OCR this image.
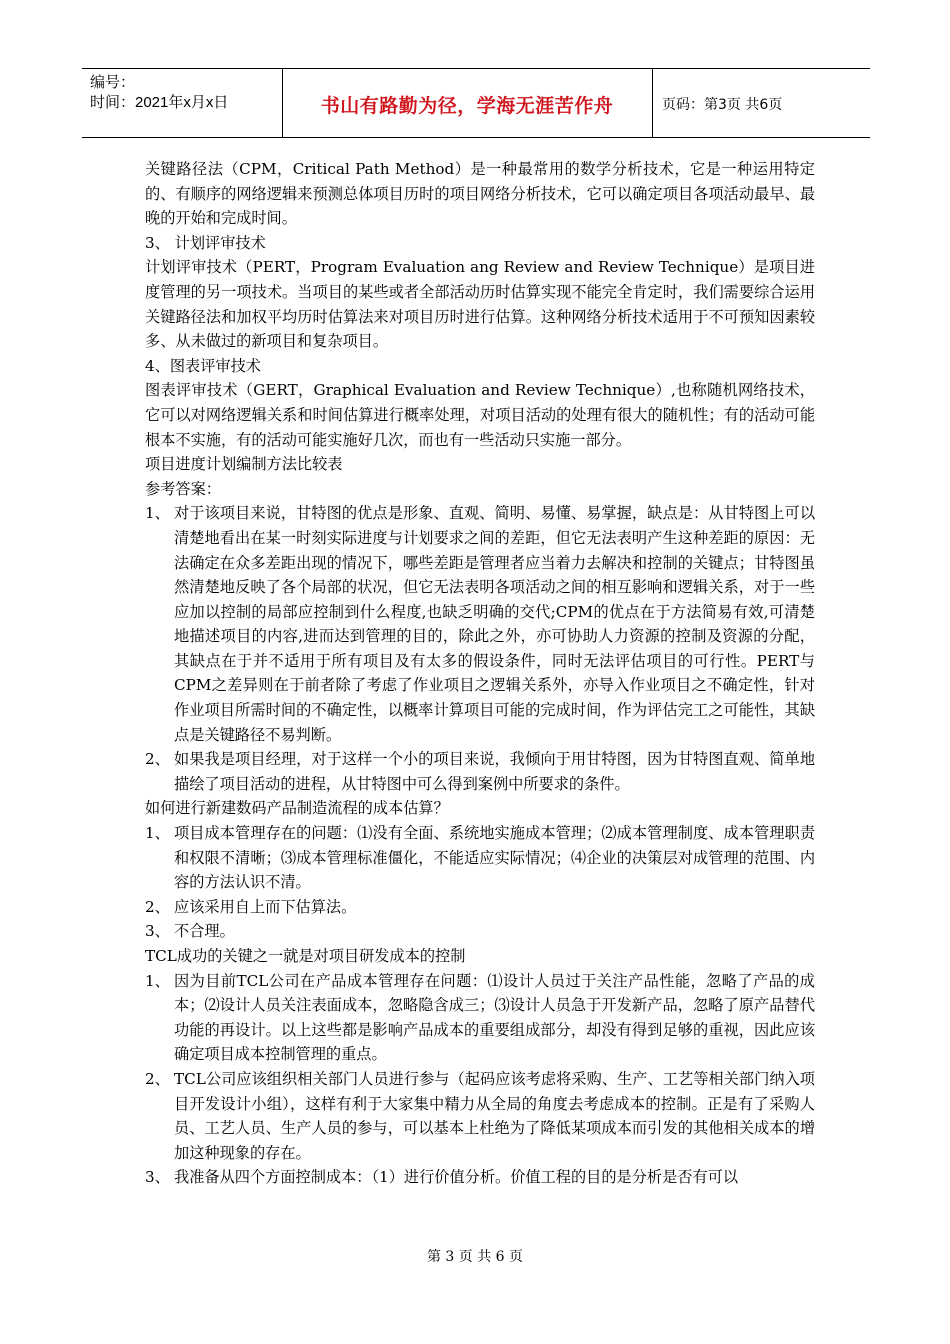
编号：
时间：2021年x月x日	书山有路勤为径，学海无涯苦作舟	页码：第3页 共6页

关键路径法（CPM，Critical Path Method）是一种最常用的数学分析技术，它是一种运用特定的、有顺序的网络逻辑来预测总体项目历时的项目网络分析技术，它可以确定项目各项活动最早、最晚的开始和完成时间。

3、 计划评审技术

计划评审技术（PERT，Program Evaluation ang Review and Review Technique）是项目进度管理的另一项技术。当项目的某些或者全部活动历时估算实现不能完全肯定时，我们需要综合运用关键路径法和加权平均历时估算法来对项目历时进行估算。这种网络分析技术适用于不可预知因素较多、从未做过的新项目和复杂项目。

4、图表评审技术

图表评审技术（GERT，Graphical Evaluation and Review Technique）,也称随机网络技术，它可以对网络逻辑关系和时间估算进行概率处理，对项目活动的处理有很大的随机性；有的活动可能根本不实施，有的活动可能实施好几次，而也有一些活动只实施一部分。

项目进度计划编制方法比较表

参考答案：

1、 对于该项目来说，甘特图的优点是形象、直观、简明、易懂、易掌握，缺点是：从甘特图上可以清楚地看出在某一时刻实际进度与计划要求之间的差距，但它无法表明产生这种差距的原因：无法确定在众多差距出现的情况下，哪些差距是管理者应当着力去解决和控制的关键点；甘特图虽然清楚地反映了各个局部的状况，但它无法表明各项活动之间的相互影响和逻辑关系，对于一些应加以控制的局部应控制到什么程度,也缺乏明确的交代;CPM的优点在于方法简易有效,可清楚地描述项目的内容,进而达到管理的目的，除此之外，亦可协助人力资源的控制及资源的分配，其缺点在于并不适用于所有项目及有太多的假设条件，同时无法评估项目的可行性。PERT与CPM之差异则在于前者除了考虑了作业项目之逻辑关系外，亦导入作业项目之不确定性，针对作业项目所需时间的不确定性，以概率计算项目可能的完成时间，作为评估完工之可能性，其缺点是关键路径不易判断。
2、 如果我是项目经理，对于这样一个小的项目来说，我倾向于用甘特图，因为甘特图直观、简单地描绘了项目活动的进程，从甘特图中可么得到案例中所要求的条件。

如何进行新建数码产品制造流程的成本估算？

1、 项目成本管理存在的问题：⑴没有全面、系统地实施成本管理；⑵成本管理制度、成本管理职责和权限不清晰；⑶成本管理标准僵化，不能适应实际情况；⑷企业的决策层对成管理的范围、内容的方法认识不清。
2、 应该采用自上而下估算法。
3、 不合理。

TCL成功的关键之一就是对项目研发成本的控制

1、 因为目前TCL公司在产品成本管理存在问题：⑴设计人员过于关注产品性能，忽略了产品的成本；⑵设计人员关注表面成本，忽略隐含成三；⑶设计人员急于开发新产品，忽略了原产品替代功能的再设计。以上这些都是影响产品成本的重要组成部分，却没有得到足够的重视，因此应该确定项目成本控制管理的重点。
2、 TCL公司应该组织相关部门人员进行参与（起码应该考虑将采购、生产、工艺等相关部门纳入项目开发设计小组），这样有利于大家集中精力从全局的角度去考虑成本的控制。正是有了采购人员、工艺人员、生产人员的参与，可以基本上杜绝为了降低某项成本而引发的其他相关成本的增加这种现象的存在。
3、 我准备从四个方面控制成本：（1）进行价值分析。价值工程的目的是分析是否有可以
第 3 页 共 6 页
